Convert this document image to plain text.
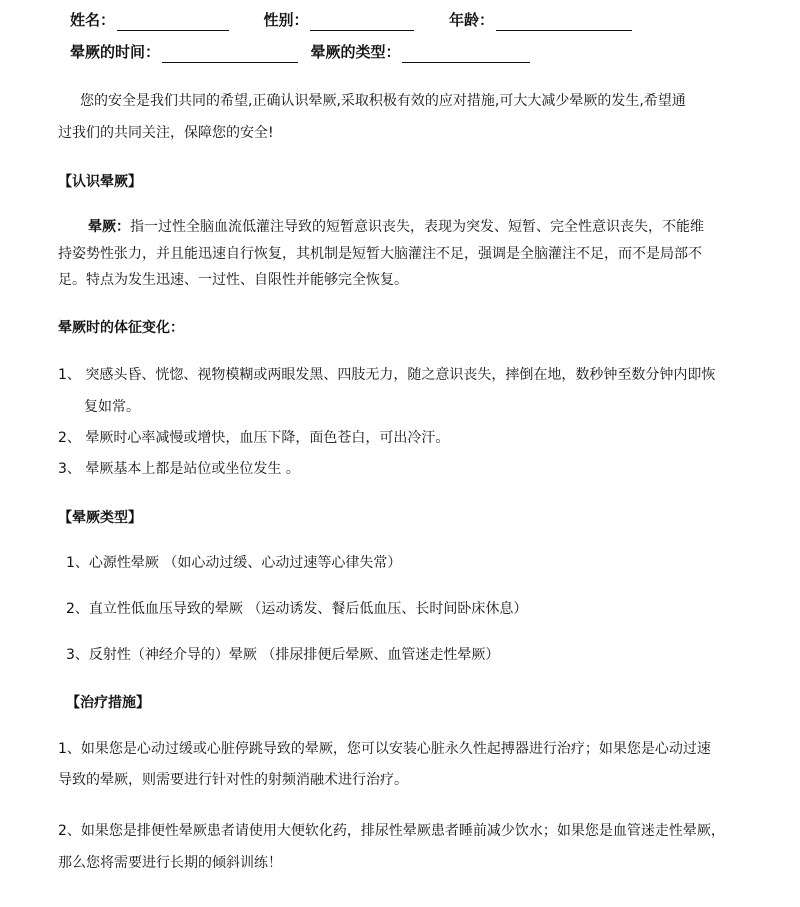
姓名：	性别：	年龄：
晕厥的时间：	晕厥的类型：
您的安全是我们共同的希望,正确认识晕厥,采取积极有效的应对措施,可大大减少晕厥的发生,希望通
过我们的共同关注，保障您的安全!
【认识晕厥】
晕厥：指一过性全脑血流低灌注导致的短暂意识丧失，表现为突发、短暂、完全性意识丧失，不能维
持姿势性张力，并且能迅速自行恢复，其机制是短暂大脑灌注不足，强调是全脑灌注不足，而不是局部不
足。特点为发生迅速、一过性、自限性并能够完全恢复。
晕厥时的体征变化：
1、 突感头昏、恍惚、视物模糊或两眼发黑、四肢无力，随之意识丧失，摔倒在地，数秒钟至数分钟内即恢
复如常。
2、 晕厥时心率减慢或增快，血压下降，面色苍白，可出冷汗。
3、 晕厥基本上都是站位或坐位发生 。
【晕厥类型】
1、心源性晕厥 （如心动过缓、心动过速等心律失常）
2、直立性低血压导致的晕厥 （运动诱发、餐后低血压、长时间卧床休息）
3、反射性（神经介导的）晕厥 （排尿排便后晕厥、血管迷走性晕厥）
【治疗措施】
1、如果您是心动过缓或心脏停跳导致的晕厥，您可以安装心脏永久性起搏器进行治疗；如果您是心动过速
导致的晕厥，则需要进行针对性的射频消融术进行治疗。
2、如果您是排便性晕厥患者请使用大便软化药，排尿性晕厥患者睡前减少饮水；如果您是血管迷走性晕厥，
那么您将需要进行长期的倾斜训练！
